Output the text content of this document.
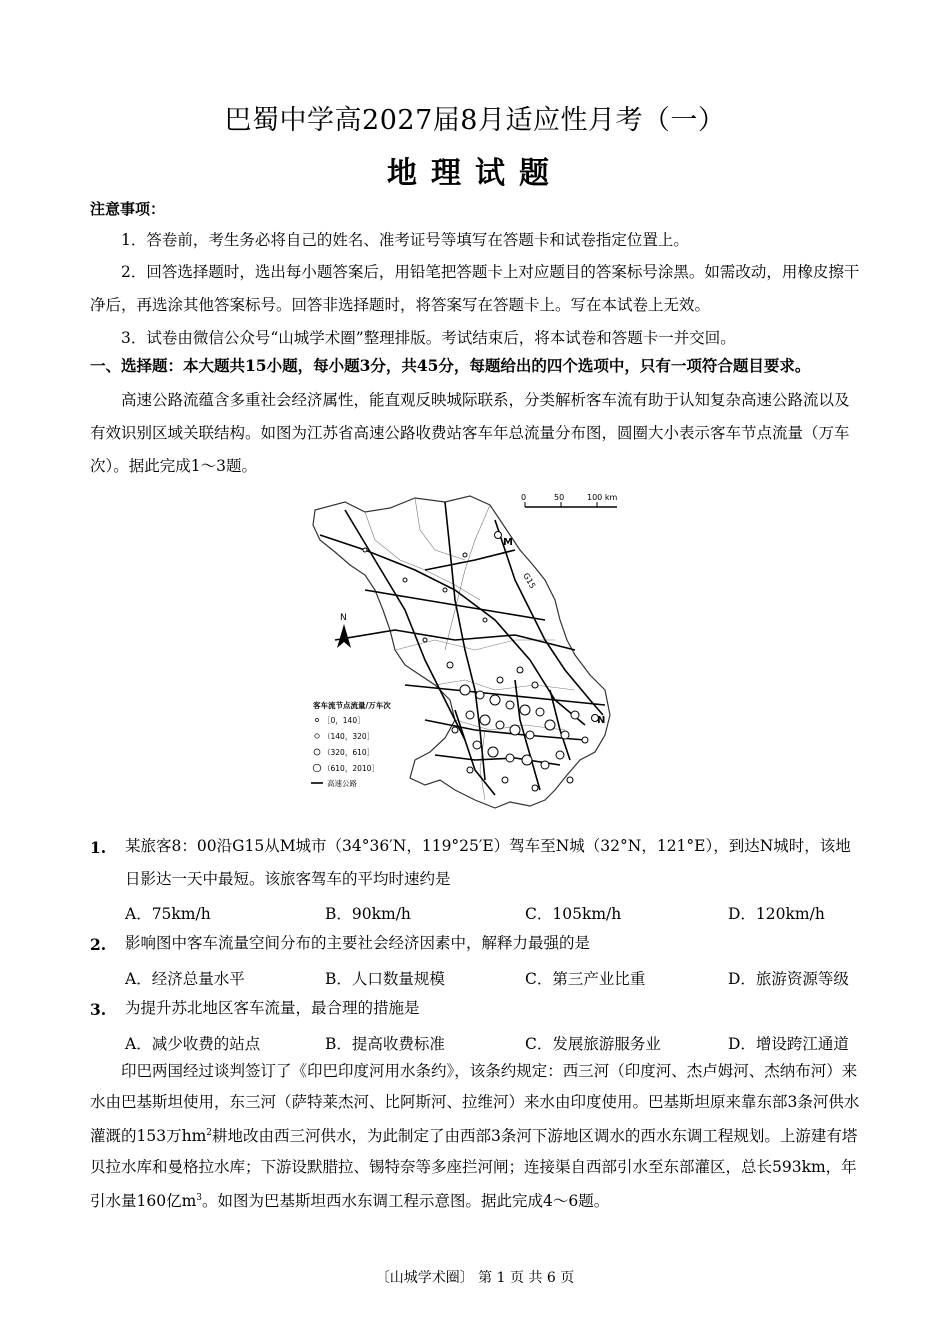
巴蜀中学高2027届8月适应性月考（一）
地理试题
注意事项：
1．答卷前，考生务必将自己的姓名、准考证号等填写在答题卡和试卷指定位置上。
2．回答选择题时，选出每小题答案后，用铅笔把答题卡上对应题目的答案标号涂黑。如需改动，用橡皮擦干净后，再选涂其他答案标号。回答非选择题时，将答案写在答题卡上。写在本试卷上无效。
3．试卷由微信公众号“山城学术圈”整理排版。考试结束后，将本试卷和答题卡一并交回。
一、选择题：本大题共15小题，每小题3分，共45分，每题给出的四个选项中，只有一项符合题目要求。
高速公路流蕴含多重社会经济属性，能直观反映城际联系，分类解析客车流有助于认知复杂高速公路流以及有效识别区域关联结构。如图为江苏省高速公路收费站客车年总流量分布图，圆圈大小表示客车节点流量（万车次）。据此完成1～3题。
0	50	100 km
N
G15
M
N
客车流节点流量/万车次
［0，140］
（140，320］
（320，610］
（610，2010］
高速公路
1. 某旅客8：00沿G15从M城市（34°36′N，119°25′E）驾车至N城（32°N，121°E），到达N城时，该地日影达一天中最短。该旅客驾车的平均时速约是
A．75km/h	B．90km/h	C．105km/h	D．120km/h
2. 影响图中客车流量空间分布的主要社会经济因素中，解释力最强的是
A．经济总量水平	B．人口数量规模	C．第三产业比重	D．旅游资源等级
3. 为提升苏北地区客车流量，最合理的措施是
A．减少收费的站点	B．提高收费标准	C．发展旅游服务业	D．增设跨江通道
印巴两国经过谈判签订了《印巴印度河用水条约》，该条约规定：西三河（印度河、杰卢姆河、杰纳布河）来水由巴基斯坦使用，东三河（萨特莱杰河、比阿斯河、拉维河）来水由印度使用。巴基斯坦原来靠东部3条河供水灌溉的153万$hm^2$耕地改由西三河供水，为此制定了由西部3条河下游地区调水的西水东调工程规划。上游建有塔贝拉水库和曼格拉水库；下游设默腊拉、锡特奈等多座拦河闸；连接渠自西部引水至东部灌区，总长593km，年引水量160亿$m^3$。如图为巴基斯坦西水东调工程示意图。据此完成4～6题。
〔山城学术圈〕 第 1 页 共 6 页
